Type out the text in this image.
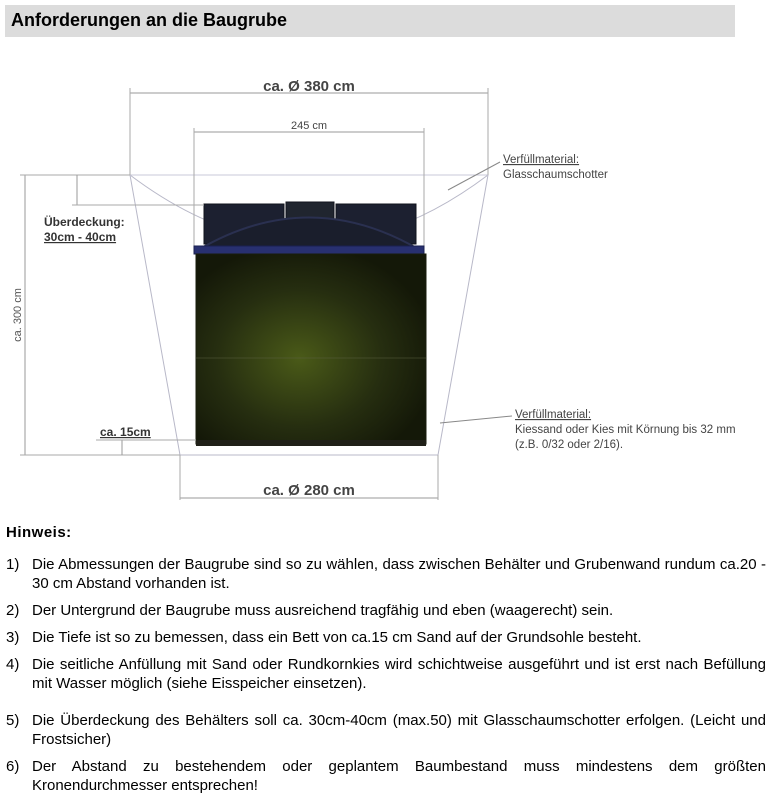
Anforderungen an die Baugrube
ca. Ø 380 cm
245 cm
ca. 300 cm
Überdeckung:
30cm - 40cm
ca. 15cm
ca. Ø 280 cm
Verfüllmaterial:
Glasschaumschotter
Verfüllmaterial:
Kiessand oder Kies mit Körnung bis 32 mm
(z.B. 0/32 oder 2/16).
Hinweis:
1) Die Abmessungen der Baugrube sind so zu wählen, dass zwischen Behälter und Grubenwand rundum ca.20 - 30 cm Abstand vorhanden ist.
2) Der Untergrund der Baugrube muss ausreichend tragfähig und eben (waagerecht) sein.
3) Die Tiefe ist so zu bemessen, dass ein Bett von ca.15 cm Sand auf der Grundsohle besteht.
4) Die seitliche Anfüllung mit Sand oder Rundkornkies wird schichtweise ausgeführt und ist erst nach Befüllung mit Wasser möglich (siehe Eisspeicher einsetzen).
5) Die Überdeckung des Behälters soll ca. 30cm-40cm (max.50) mit Glasschaumschotter erfolgen. (Leicht und Frostsicher)
6) Der Abstand zu bestehendem oder geplantem Baumbestand muss mindestens dem größten Kronendurchmesser entsprechen!
